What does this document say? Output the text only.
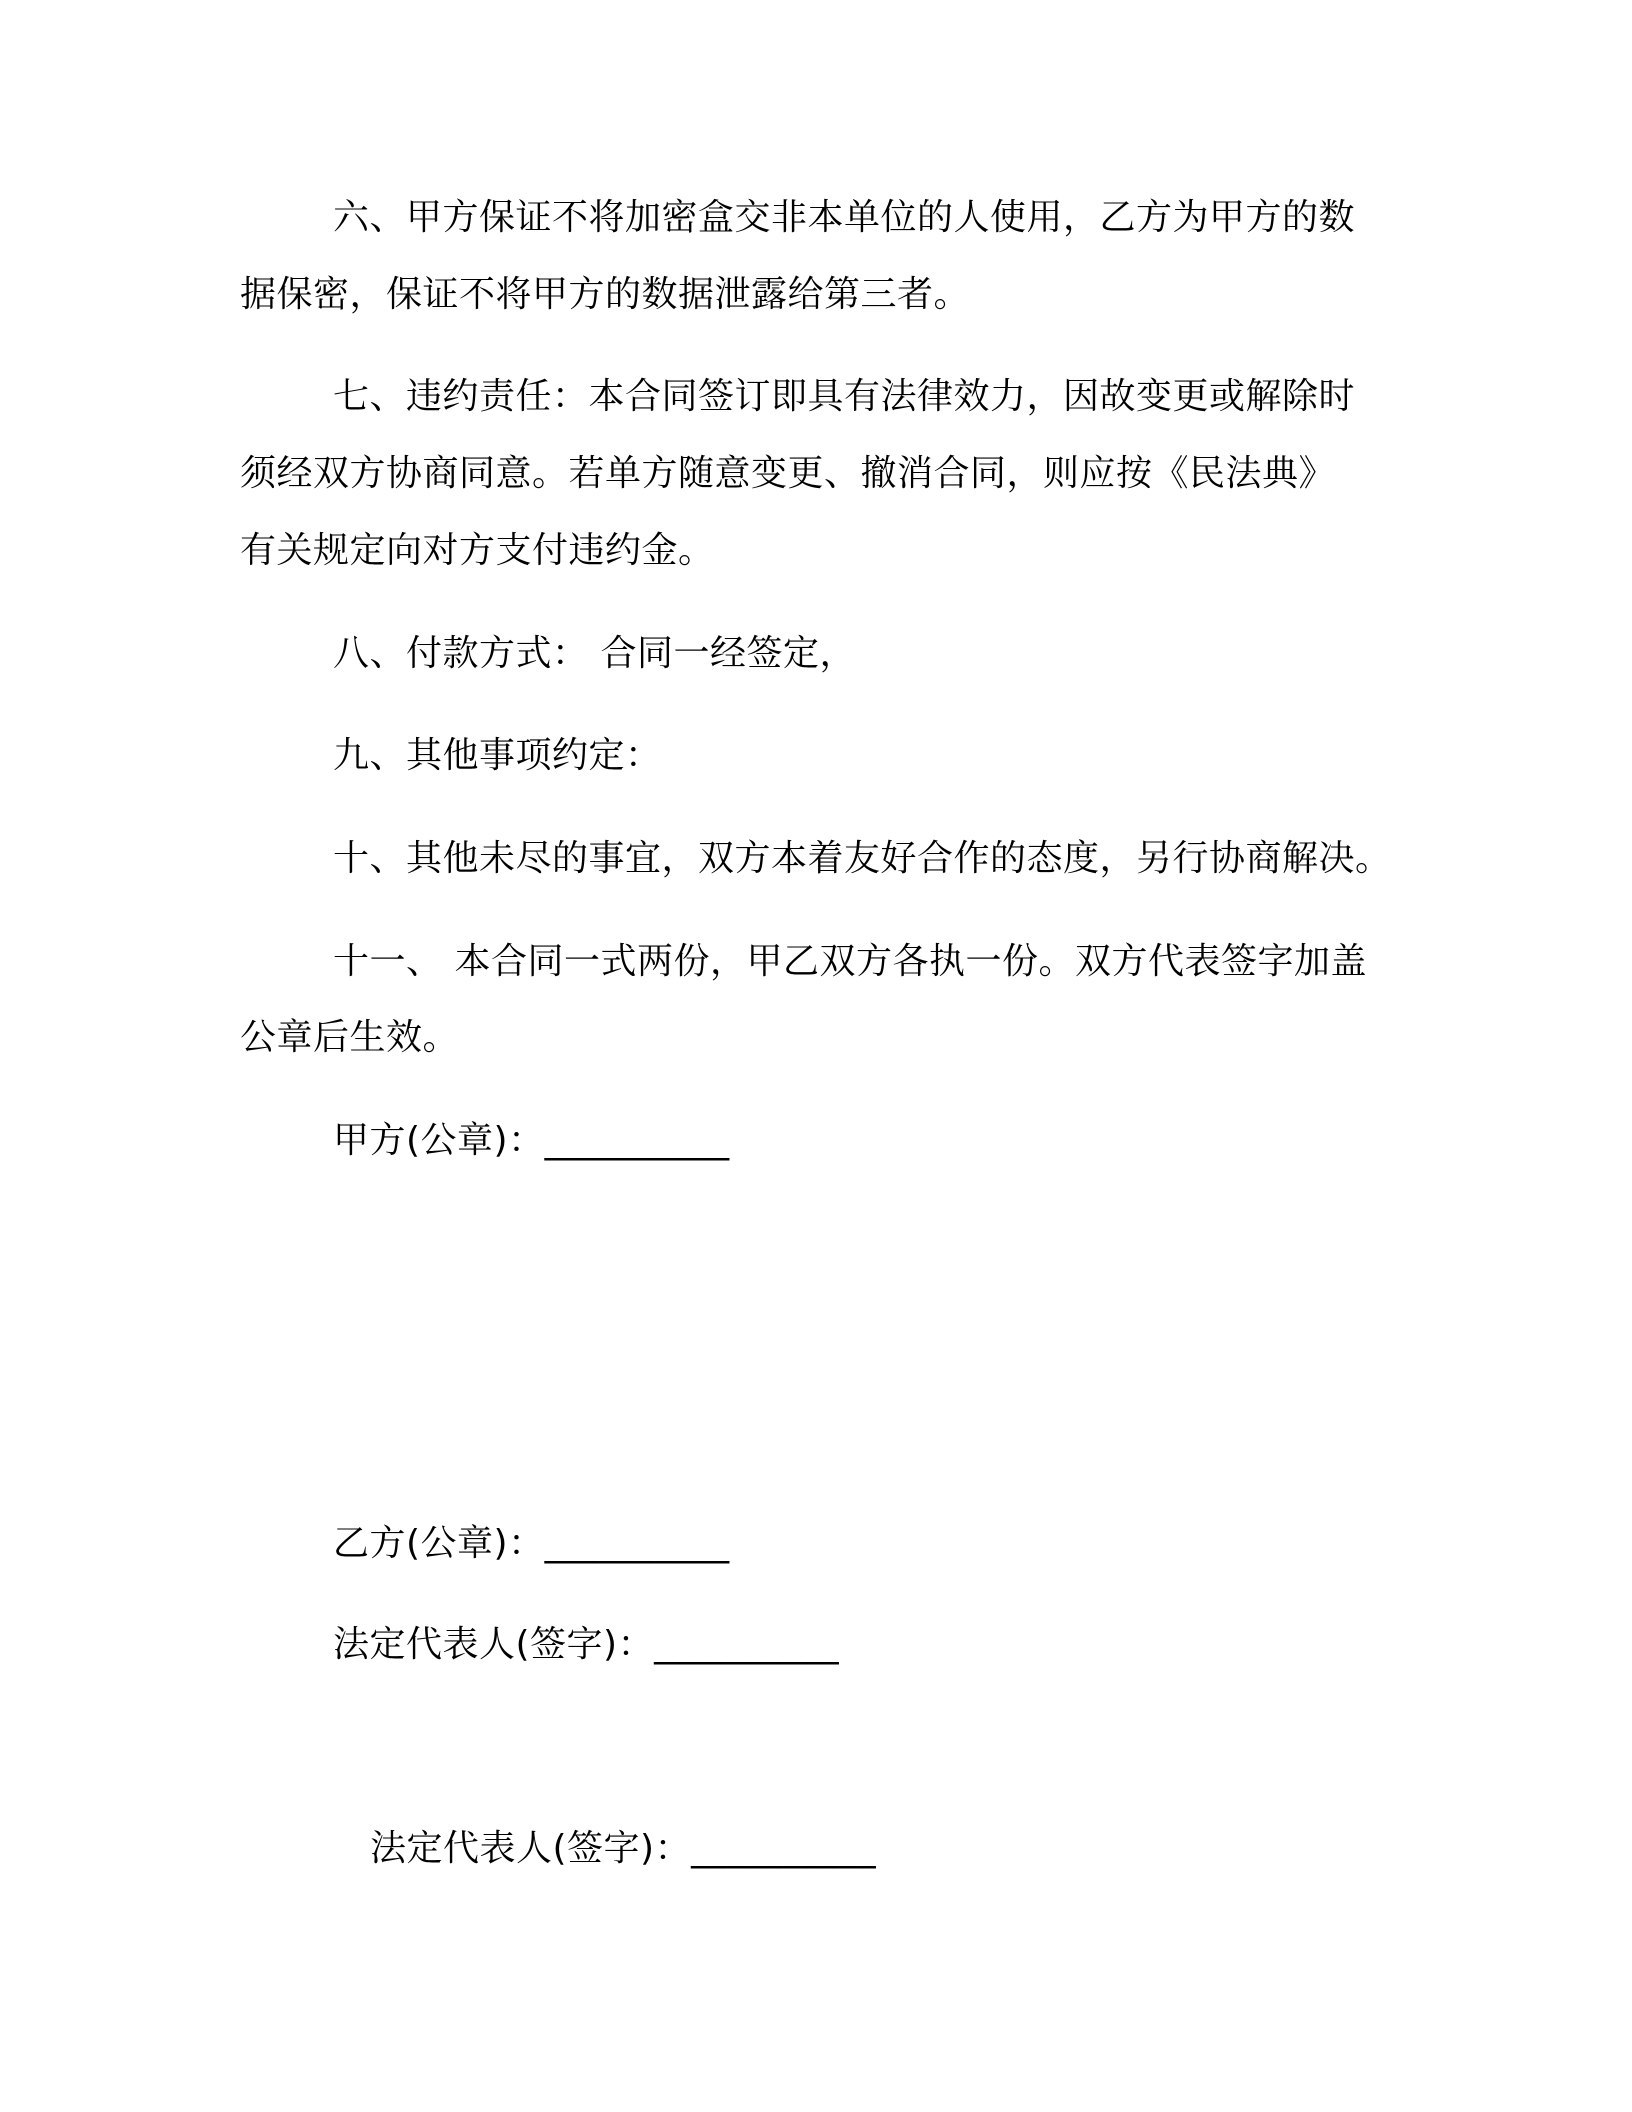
六、甲方保证不将加密盒交非本单位的人使用，乙方为甲方的数
据保密，保证不将甲方的数据泄露给第三者。
七、违约责任：本合同签订即具有法律效力，因故变更或解除时
须经双方协商同意。若单方随意变更、撤消合同，则应按《民法典》
有关规定向对方支付违约金。
八、付款方式： 合同一经签定，
九、其他事项约定：
十、其他未尽的事宜，双方本着友好合作的态度，另行协商解决。
十一、 本合同一式两份，甲乙双方各执一份。双方代表签字加盖
公章后生效。
甲方(公章)：__________
乙方(公章)：__________
法定代表人(签字)：__________
法定代表人(签字)：__________
